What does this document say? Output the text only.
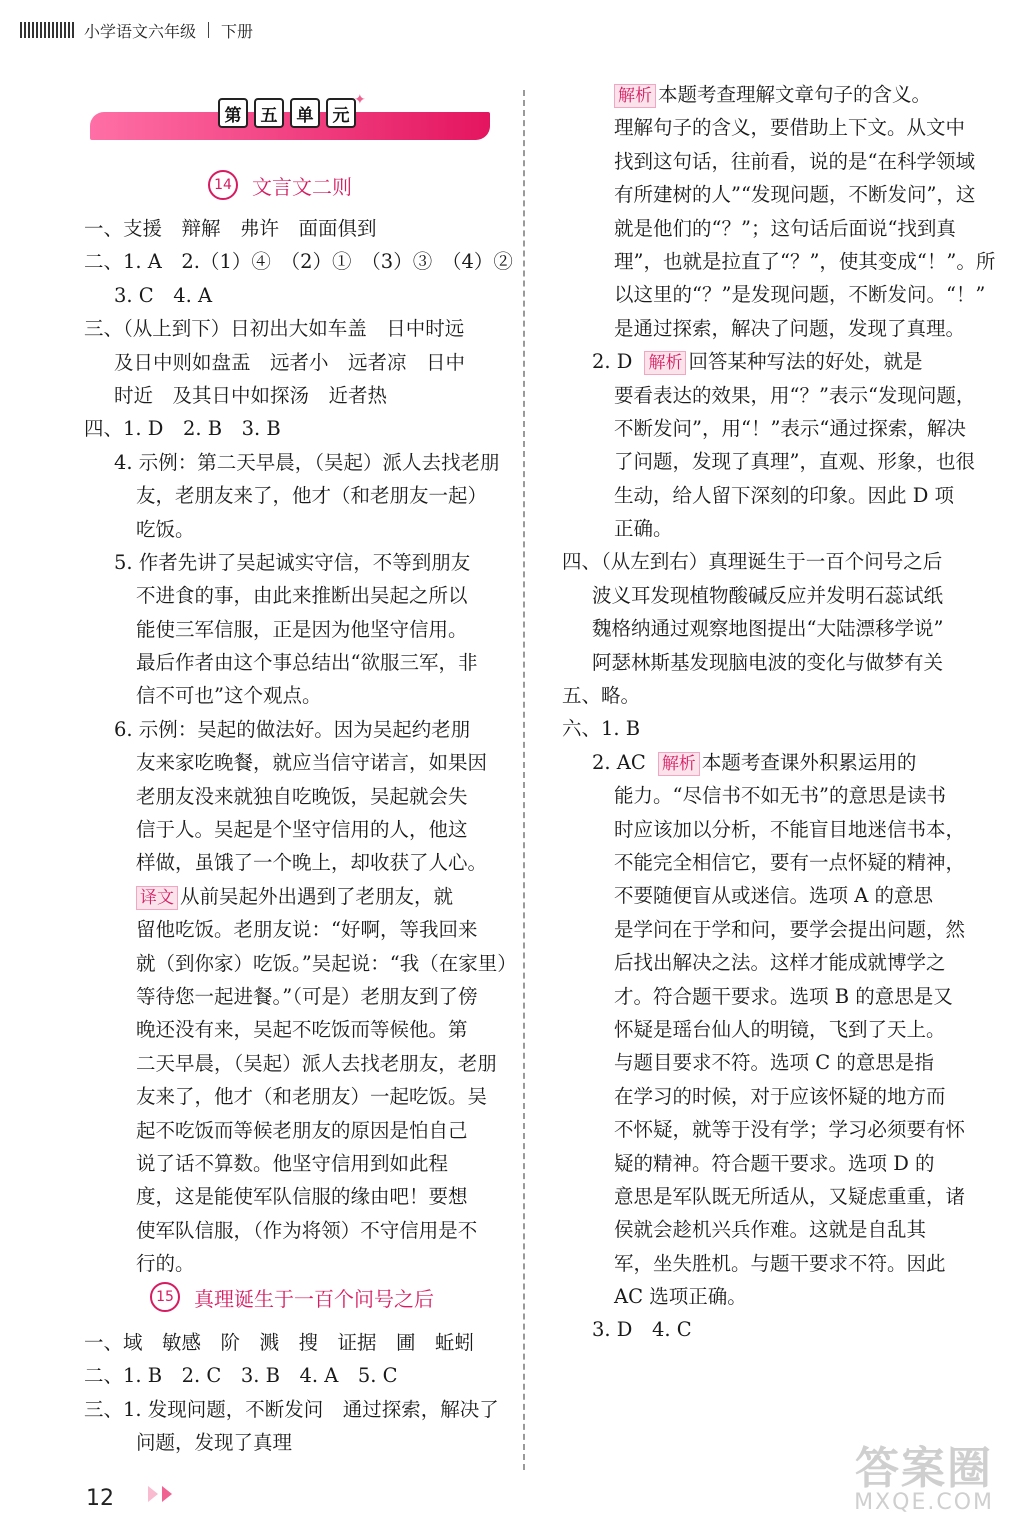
小学语文六年级 下册
第	五	单	元
✦
14	文言文二则
一、支援　辩解　弗许　面面俱到
二、1. A　2.（1）④　（2）①　（3）③　（4）②
3. C　4. A
三、（从上到下）日初出大如车盖　日中时远
及日中则如盘盂　远者小　远者凉　日中
时近　及其日中如探汤　近者热
四、1. D　2. B　3. B
4. 示例：第二天早晨，（吴起）派人去找老朋
友，老朋友来了，他才（和老朋友一起）
吃饭。
5. 作者先讲了吴起诚实守信，不等到朋友
不进食的事，由此来推断出吴起之所以
能使三军信服，正是因为他坚守信用。
最后作者由这个事总结出“欲服三军，非
信不可也”这个观点。
6. 示例：吴起的做法好。因为吴起约老朋
友来家吃晚餐，就应当信守诺言，如果因
老朋友没来就独自吃晚饭，吴起就会失
信于人。吴起是个坚守信用的人，他这
样做，虽饿了一个晚上，却收获了人心。
译文 从前吴起外出遇到了老朋友，就
留他吃饭。老朋友说：“好啊，等我回来
就（到你家）吃饭。”吴起说：“我（在家里）
等待您一起进餐。”（可是）老朋友到了傍
晚还没有来，吴起不吃饭而等候他。第
二天早晨，（吴起）派人去找老朋友，老朋
友来了，他才（和老朋友）一起吃饭。吴
起不吃饭而等候老朋友的原因是怕自己
说了话不算数。他坚守信用到如此程
度，这是能使军队信服的缘由吧！要想
使军队信服，（作为将领）不守信用是不
行的。
15	真理诞生于一百个问号之后
一、域　敏感　阶　溅　搜　证据　圃　蚯蚓
二、1. B　2. C　3. B　4. A　5. C
三、1. 发现问题，不断发问　通过探索，解决了
问题，发现了真理
解析 本题考查理解文章句子的含义。
理解句子的含义，要借助上下文。从文中
找到这句话，往前看，说的是“在科学领域
有所建树的人”“发现问题，不断发问”，这
就是他们的“？”；这句话后面说“找到真
理”，也就是拉直了“？”，使其变成“！”。所
以这里的“？”是发现问题，不断发问。“！”
是通过探索，解决了问题，发现了真理。
2. D 解析 回答某种写法的好处，就是
要看表达的效果，用“？”表示“发现问题，
不断发问”，用“！”表示“通过探索，解决
了问题，发现了真理”，直观、形象，也很
生动，给人留下深刻的印象。因此 D 项
正确。
四、（从左到右）真理诞生于一百个问号之后
波义耳发现植物酸碱反应并发明石蕊试纸
魏格纳通过观察地图提出“大陆漂移学说”
阿瑟林斯基发现脑电波的变化与做梦有关
五、略。
六、1. B
2. AC 解析 本题考查课外积累运用的
能力。“尽信书不如无书”的意思是读书
时应该加以分析，不能盲目地迷信书本，
不能完全相信它，要有一点怀疑的精神，
不要随便盲从或迷信。选项 A 的意思
是学问在于学和问，要学会提出问题，然
后找出解决之法。这样才能成就博学之
才。符合题干要求。选项 B 的意思是又
怀疑是瑶台仙人的明镜，飞到了天上。
与题目要求不符。选项 C 的意思是指
在学习的时候，对于应该怀疑的地方而
不怀疑，就等于没有学；学习必须要有怀
疑的精神。符合题干要求。选项 D 的
意思是军队既无所适从，又疑虑重重，诸
侯就会趁机兴兵作难。这就是自乱其
军，坐失胜机。与题干要求不符。因此
AC 选项正确。
3. D　4. C
12
答案圈
MXQE.COM
